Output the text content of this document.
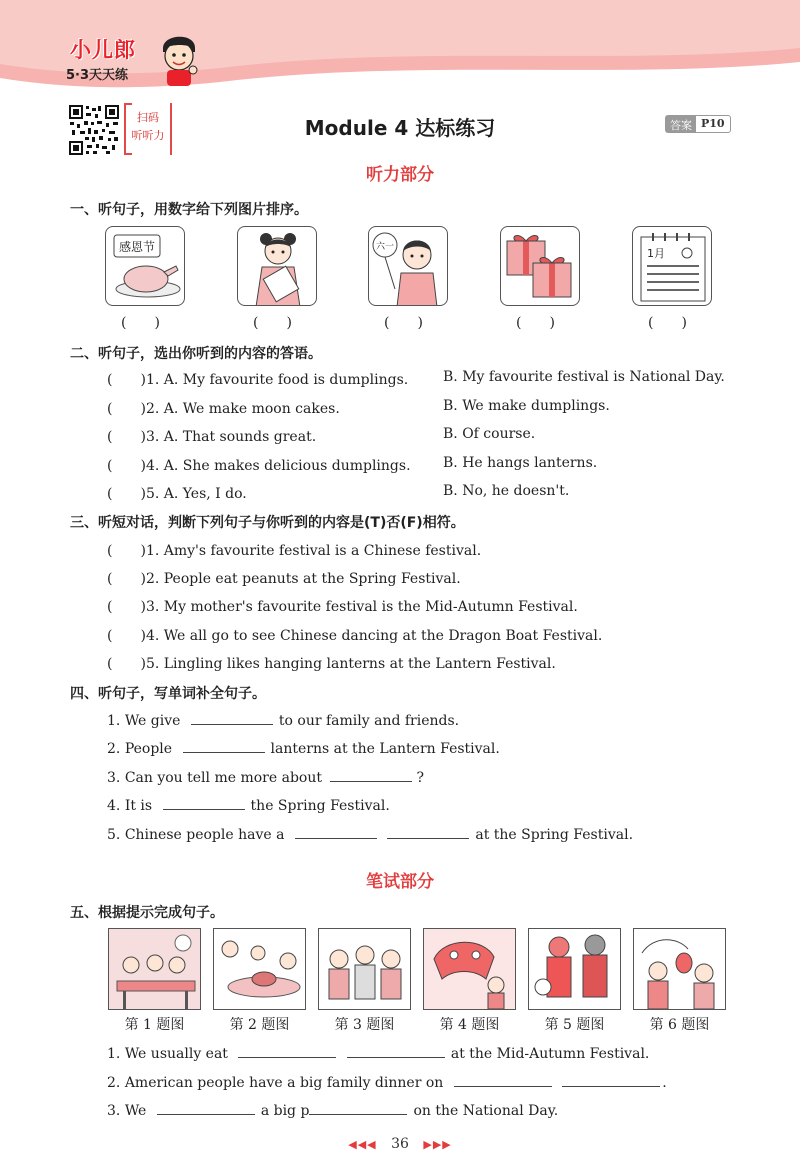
小儿郎
5·3天天练
扫码
听听力	Module 4 达标练习	答案 P10
听力部分
一、听句子，用数字给下列图片排序。
感恩节	六一	1月
(　　)	(　　)	(　　)	(　　)	(　　)
二、听句子，选出你听到的内容的答语。
(　　)1. A. My favourite food is dumplings. B. My favourite festival is National Day.
(　　)2. A. We make moon cakes.	B. We make dumplings.
(　　)3. A. That sounds great.	B. Of course.
(　　)4. A. She makes delicious dumplings. B. He hangs lanterns.
(　　)5. A. Yes, I do.	B. No, he doesn't.
三、听短对话，判断下列句子与你听到的内容是(T)否(F)相符。
(　　)1. Amy's favourite festival is a Chinese festival.
(　　)2. People eat peanuts at the Spring Festival.
(　　)3. My mother's favourite festival is the Mid-Autumn Festival.
(　　)4. We all go to see Chinese dancing at the Dragon Boat Festival.
(　　)5. Lingling likes hanging lanterns at the Lantern Festival.
四、听句子，写单词补全句子。
1. We give	to our family and friends.
2. People	lanterns at the Lantern Festival.
3. Can you tell me more about	?
4. It is	the Spring Festival.
5. Chinese people have a	at the Spring Festival.
笔试部分
五、根据提示完成句子。
第 1 题图	第 2 题图	第 3 题图	第 4 题图	第 5 题图	第 6 题图
1. We usually eat	at the Mid-Autumn Festival.
2. American people have a big family dinner on	.
3. We	a big p	on the National Day.
◀◀◀ 36 ▶▶▶
